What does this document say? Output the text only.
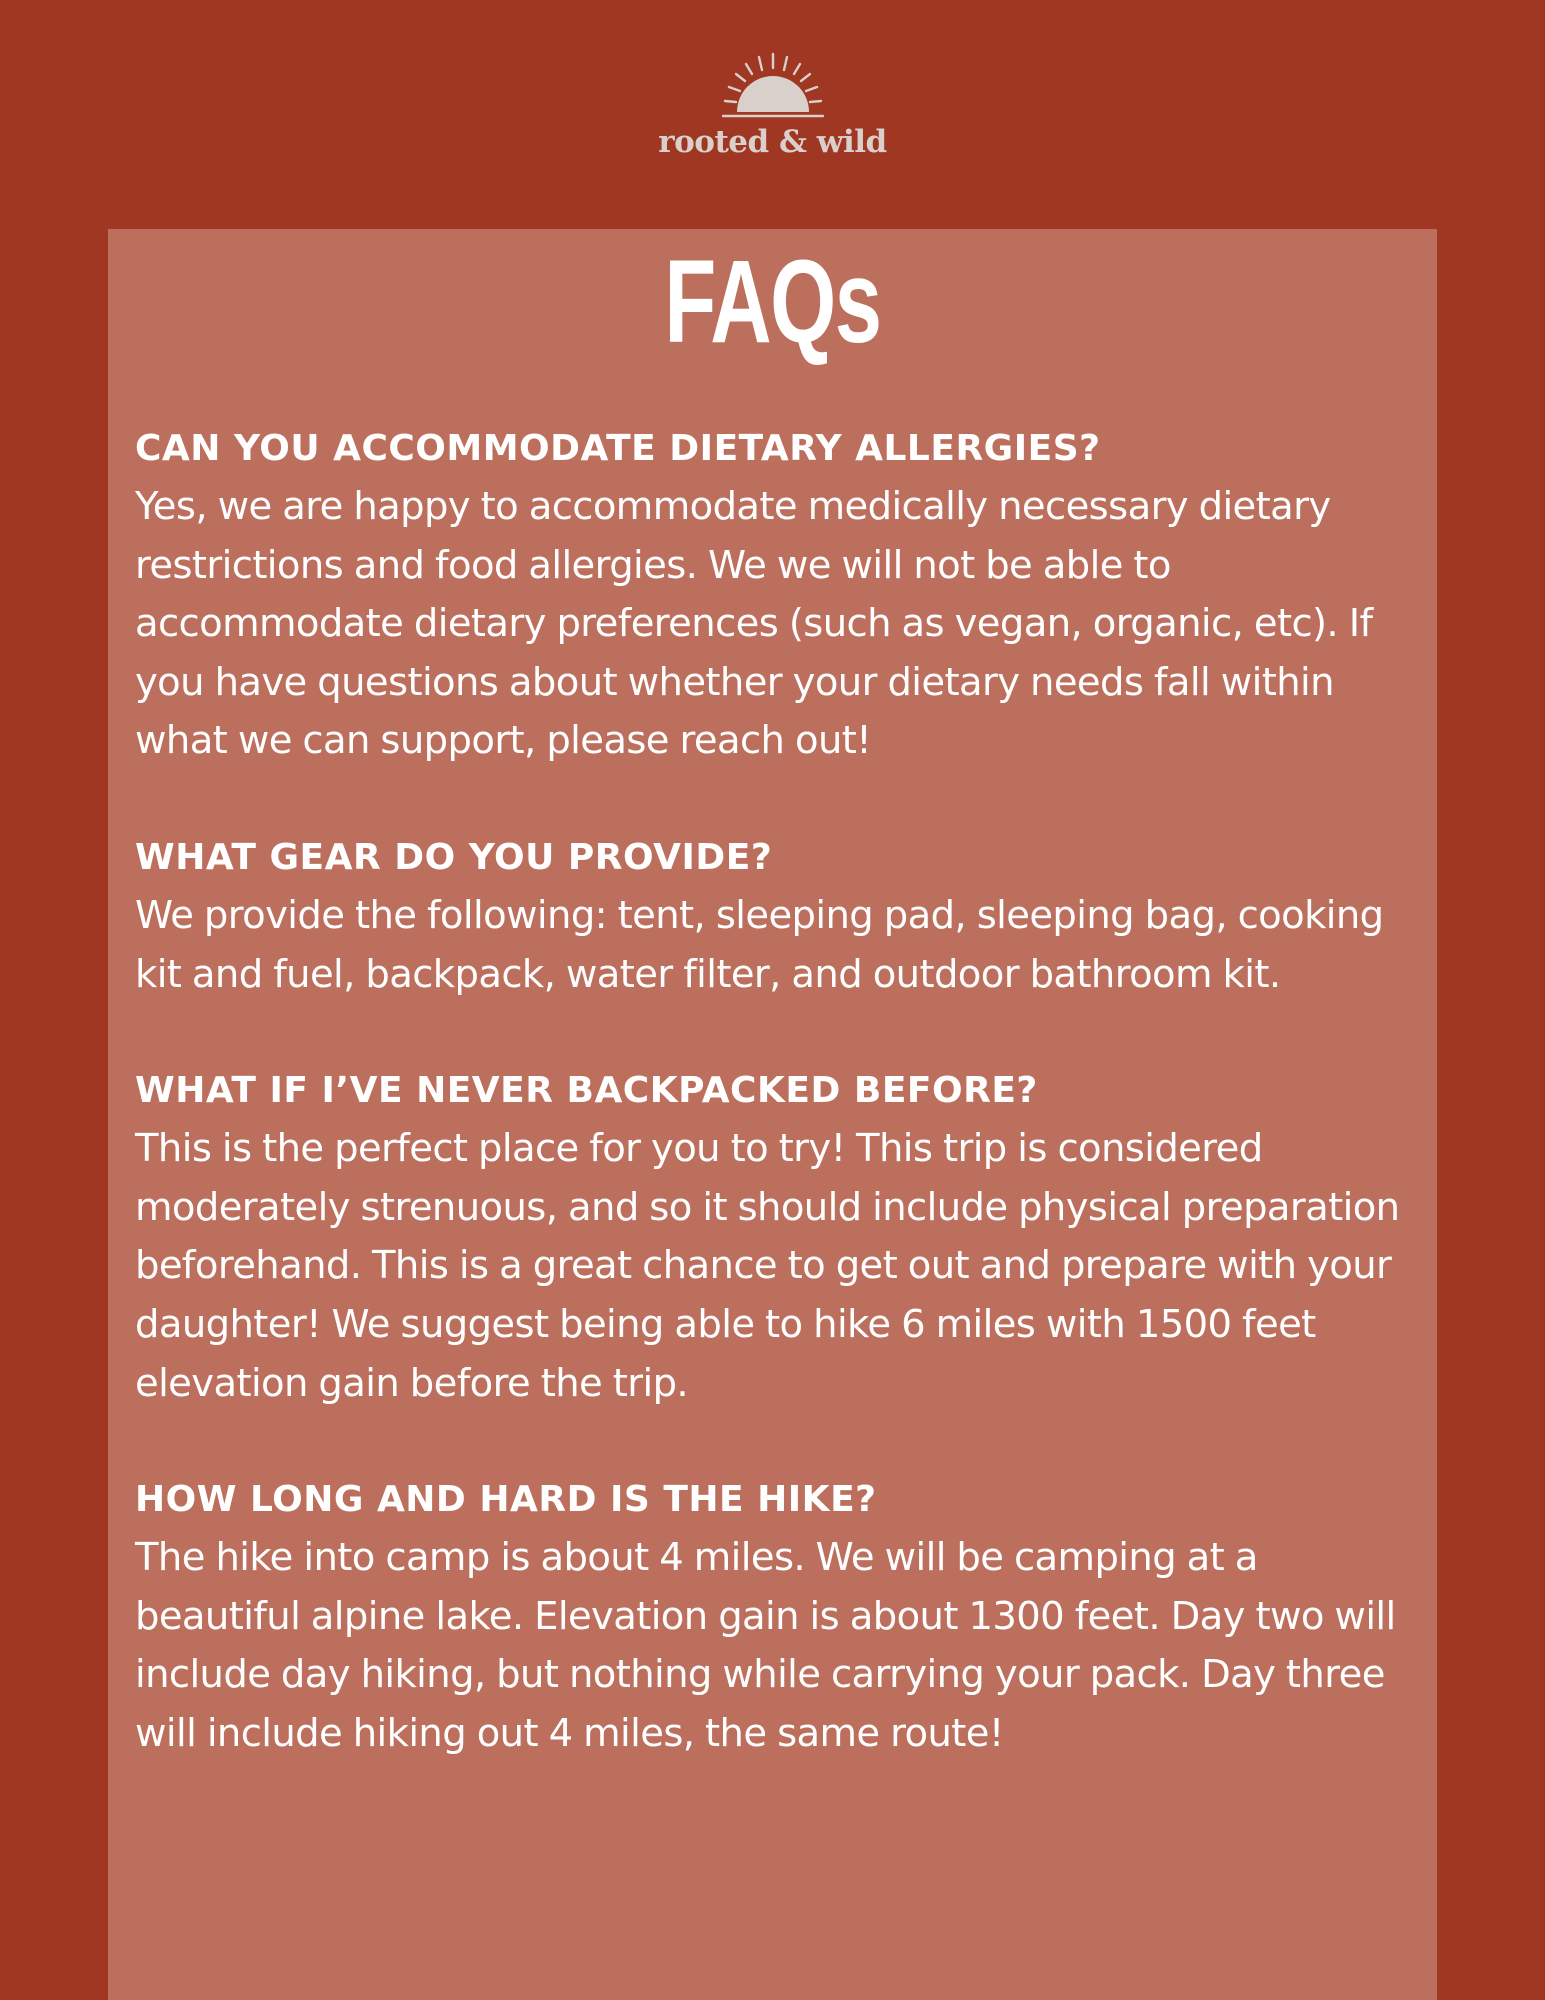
rooted & wild
FAQs
CAN YOU ACCOMMODATE DIETARY ALLERGIES?
Yes, we are happy to accommodate medically necessary dietary restrictions and food allergies. We we will not be able to accommodate dietary preferences (such as vegan, organic, etc). If you have questions about whether your dietary needs fall within what we can support, please reach out!
WHAT GEAR DO YOU PROVIDE?
We provide the following: tent, sleeping pad, sleeping bag, cooking kit and fuel, backpack, water filter, and outdoor bathroom kit.
WHAT IF I’VE NEVER BACKPACKED BEFORE?
This is the perfect place for you to try! This trip is considered moderately strenuous, and so it should include physical preparation beforehand. This is a great chance to get out and prepare with your daughter! We suggest being able to hike 6 miles with 1500 feet elevation gain before the trip.
HOW LONG AND HARD IS THE HIKE?
The hike into camp is about 4 miles. We will be camping at a beautiful alpine lake. Elevation gain is about 1300 feet. Day two will include day hiking, but nothing while carrying your pack. Day three will include hiking out 4 miles, the same route!
